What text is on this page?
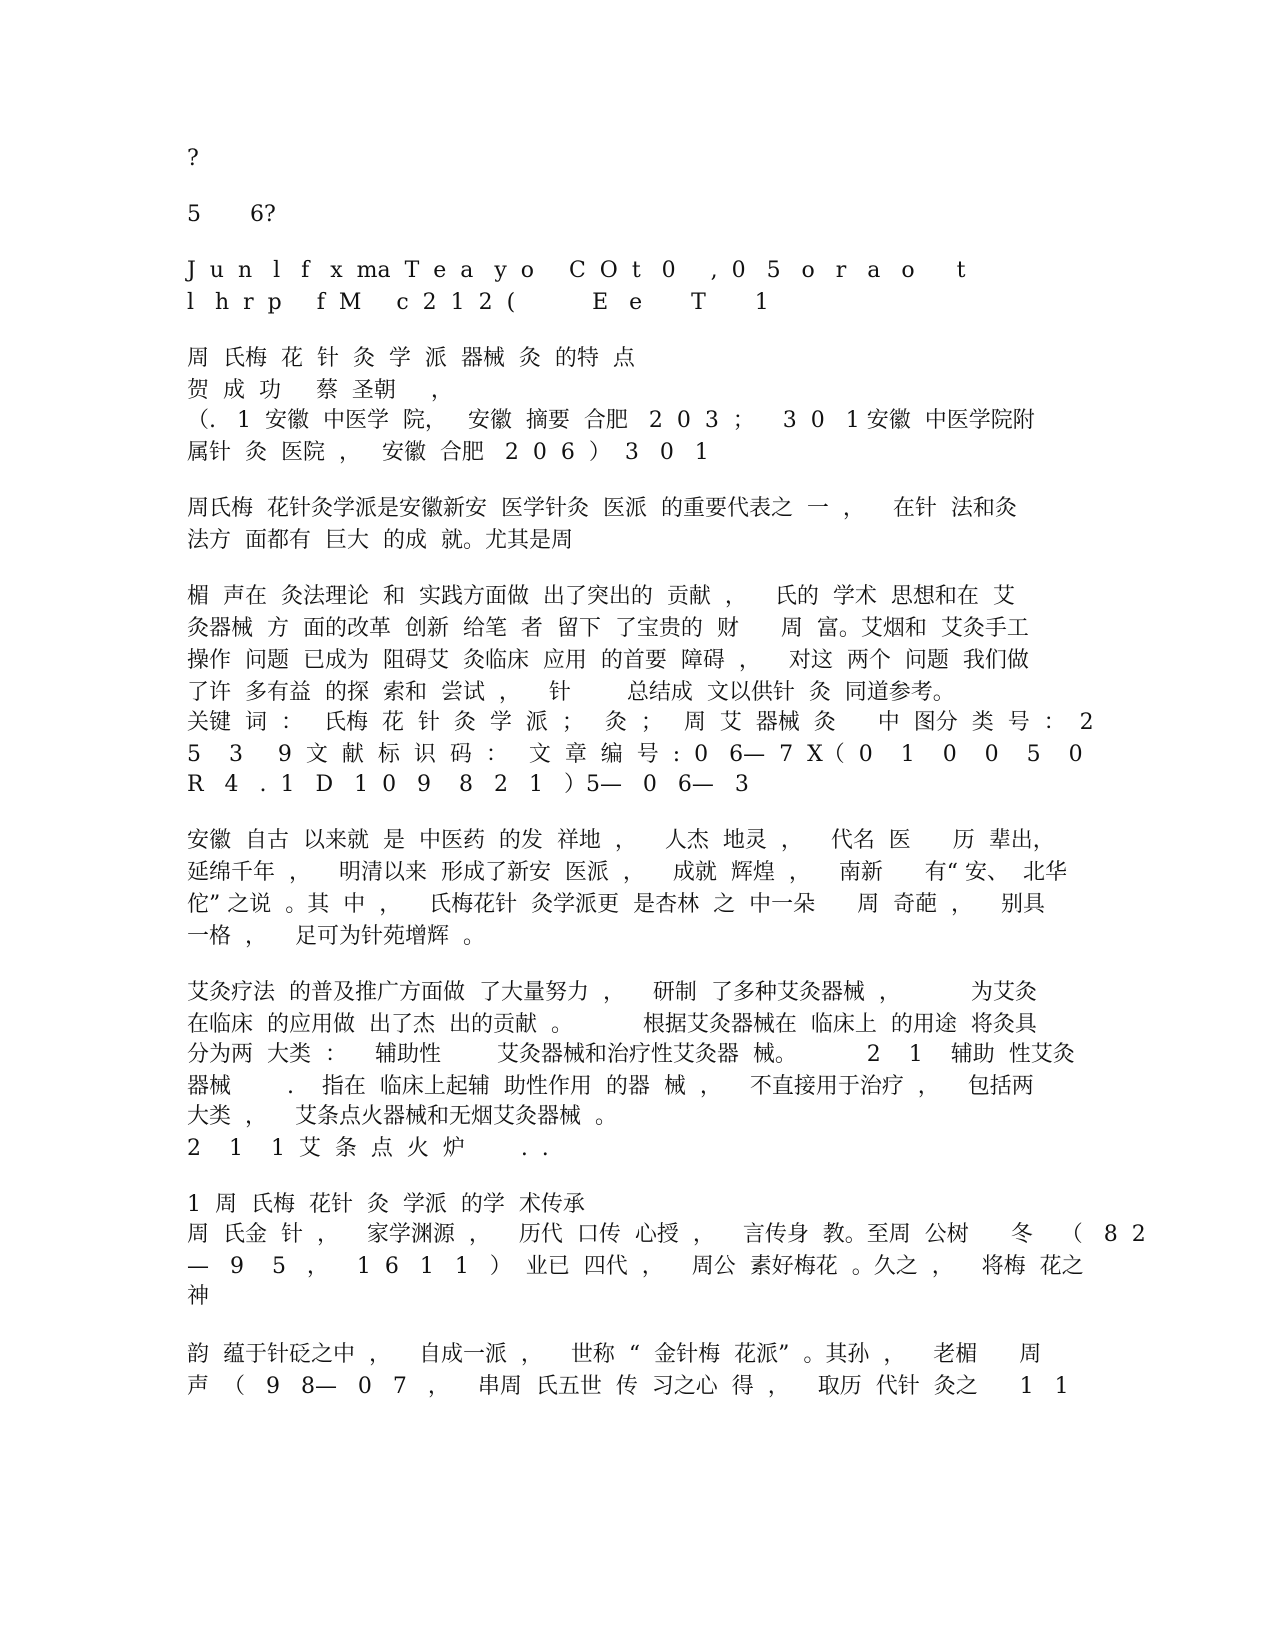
?

5       6?

J  u  n   l   f   x  ma  T  e  a   y  o     C  O  t   0     ,  0   5   o   r   a   o      t

l   h  r  p     f  M     c  2  1  2  (           E   e       T       1

周  氏梅  花  针  灸  学  派  器械  灸  的特  点

贺  成  功     蔡  圣朝     ，

（.   1  安徽  中医学  院，   安徽  摘要  合肥   2  0  3  ；    3  0   1 安徽  中医学院附

属针  灸  医院  ，   安徽  合肥   2  0  6  ）  3   0   1

周氏梅  花针灸学派是安徽新安  医学针灸  医派  的重要代表之  一  ，    在针  法和灸

法方  面都有  巨大  的成  就。尤其是周

楣  声在  灸法理论  和  实践方面做  出了突出的  贡献  ，    氏的  学术  思想和在  艾

灸器械  方  面的改革  创新  给笔  者  留下  了宝贵的  财      周  富。艾烟和  艾灸手工

操作  问题  已成为  阻碍艾  灸临床  应用  的首要  障碍  ，    对这  两个  问题  我们做

了许  多有益  的探  索和  尝试  ，    针        总结成  文以供针  灸  同道参考。

关键  词  ：   氏梅  花  针  灸  学  派  ；   灸  ；   周  艾  器械  灸      中  图分  类  号  ：  2

5    3     9  文  献  标  识  码  ：   文  章  编  号  :  0   6—  7  X（  0    1    0    0    5    0

R   4   .  1   D   1  0   9    8   2   1   ）5—   0   6—   3

安徽  自古  以来就  是  中医药  的发  祥地  ，    人杰  地灵  ，    代名  医      历  辈出，

延绵千年  ，    明清以来  形成了新安  医派  ，    成就  辉煌  ，    南新      有“ 安、  北华

佗” 之说  。其  中  ，    氏梅花针  灸学派更  是杏林  之  中一朵      周  奇葩  ，    别具

一格  ，    足可为针苑增辉  。

艾灸疗法  的普及推广方面做  了大量努力  ，    研制  了多种艾灸器械  ，          为艾灸

在临床  的应用做  出了杰  出的贡献  。          根据艾灸器械在  临床上  的用途  将灸具

分为两  大类  ：    辅助性        艾灸器械和治疗性艾灸器  械。          2    1    辅助  性艾灸

器械        .    指在  临床上起辅  助性作用  的器  械  ，    不直接用于治疗  ，    包括两

大类  ，    艾条点火器械和无烟艾灸器械  。

2    1    1  艾  条  点  火  炉        .  .

1  周  氏梅  花针  灸  学派  的学  术传承

周  氏金  针  ，    家学渊源  ，    历代  口传  心授  ，    言传身  教。至周  公树      冬    （   8  2

—   9    5   ，    1  6   1   1   ）  业已  四代  ，    周公  素好梅花  。久之  ，    将梅  花之

神

韵  蕴于针砭之中  ，    自成一派  ，    世称  “  金针梅  花派”  。其孙  ，    老楣      周

声  （   9   8—   0   7   ，    串周  氏五世  传  习之心  得  ，    取历  代针  灸之      1   1
